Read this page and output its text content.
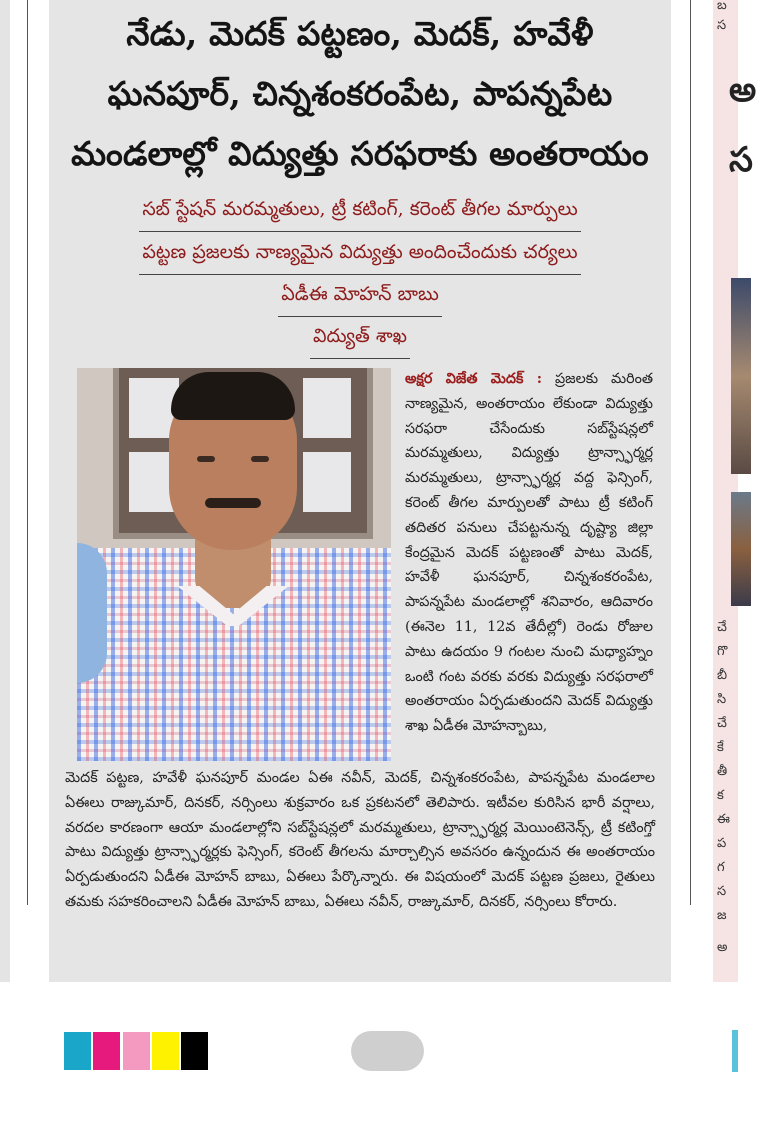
నేడు, మెదక్ పట్టణం, మెదక్, హవేళీ
ఘనపూర్, చిన్నశంకరంపేట, పాపన్నపేట
మండలాల్లో విద్యుత్తు సరఫరాకు అంతరాయం
సబ్ స్టేషన్ మరమ్మతులు, ట్రీ కటింగ్, కరెంట్ తీగల మార్పులు
పట్టణ ప్రజలకు నాణ్యమైన విద్యుత్తు అందించేందుకు చర్యలు
ఏడీఈ మోహన్ బాబు
విద్యుత్ శాఖ
అక్షర విజేత మెదక్ : ప్రజలకు మరింత నాణ్యమైన, అంతరాయం లేకుండా విద్యుత్తు సరఫరా చేసేందుకు సబ్‌స్టేషన్లలో మరమ్మతులు, విద్యుత్తు ట్రాన్స్ఫార్మర్ల మరమ్మతులు, ట్రాన్స్ఫార్మర్ల వద్ద ఫెన్సింగ్, కరెంట్ తీగల మార్పులతో పాటు ట్రీ కటింగ్ తదితర పనులు చేపట్టనున్న దృష్ట్యా జిల్లా కేంద్రమైన మెదక్ పట్టణంతో పాటు మెదక్, హవేళీ ఘనపూర్, చిన్నశంకరంపేట, పాపన్నపేట మండలాల్లో శనివారం, ఆదివారం (ఈనెల 11, 12వ తేదీల్లో) రెండు రోజుల పాటు ఉదయం 9 గంటల నుంచి మధ్యాహ్నం ఒంటి గంట వరకు వరకు విద్యుత్తు సరఫరాలో అంతరాయం ఏర్పడుతుందని మెదక్ విద్యుత్తు శాఖ ఏడీఈ మోహన్బాబు,
మెదక్ పట్టణ, హవేళీ ఘనపూర్ మండల ఏఈ నవీన్, మెదక్, చిన్నశంకరంపేట, పాపన్నపేట మండలాల ఏఈలు రాజ్కుమార్, దినకర్, నర్సింలు శుక్రవారం ఒక ప్రకటనలో తెలిపారు. ఇటీవల కురిసిన భారీ వర్షాలు, వరదల కారణంగా ఆయా మండలాల్లోని సబ్‌స్టేషన్లలో మరమ్మతులు, ట్రాన్స్ఫార్మర్ల మెయింటెనెన్స్, ట్రీ కటింగ్తో పాటు విద్యుత్తు ట్రాన్స్ఫార్మర్లకు ఫెన్సింగ్, కరెంట్ తీగలను మార్చాల్సిన అవసరం ఉన్నందున ఈ అంతరాయం ఏర్పడుతుందని ఏడీఈ మోహన్ బాబు, ఏఈలు పేర్కొన్నారు. ఈ విషయంలో మెదక్ పట్టణ ప్రజలు, రైతులు తమకు సహకరించాలని ఏడీఈ మోహన్ బాబు, ఏఈలు నవీన్, రాజ్కుమార్, దినకర్, నర్సింలు కోరారు.
బ
స
అ
స
చే
గొ
బీ
సి
చే
కే
తీ
క
ఈ
ప
గ
స
జ
అ
